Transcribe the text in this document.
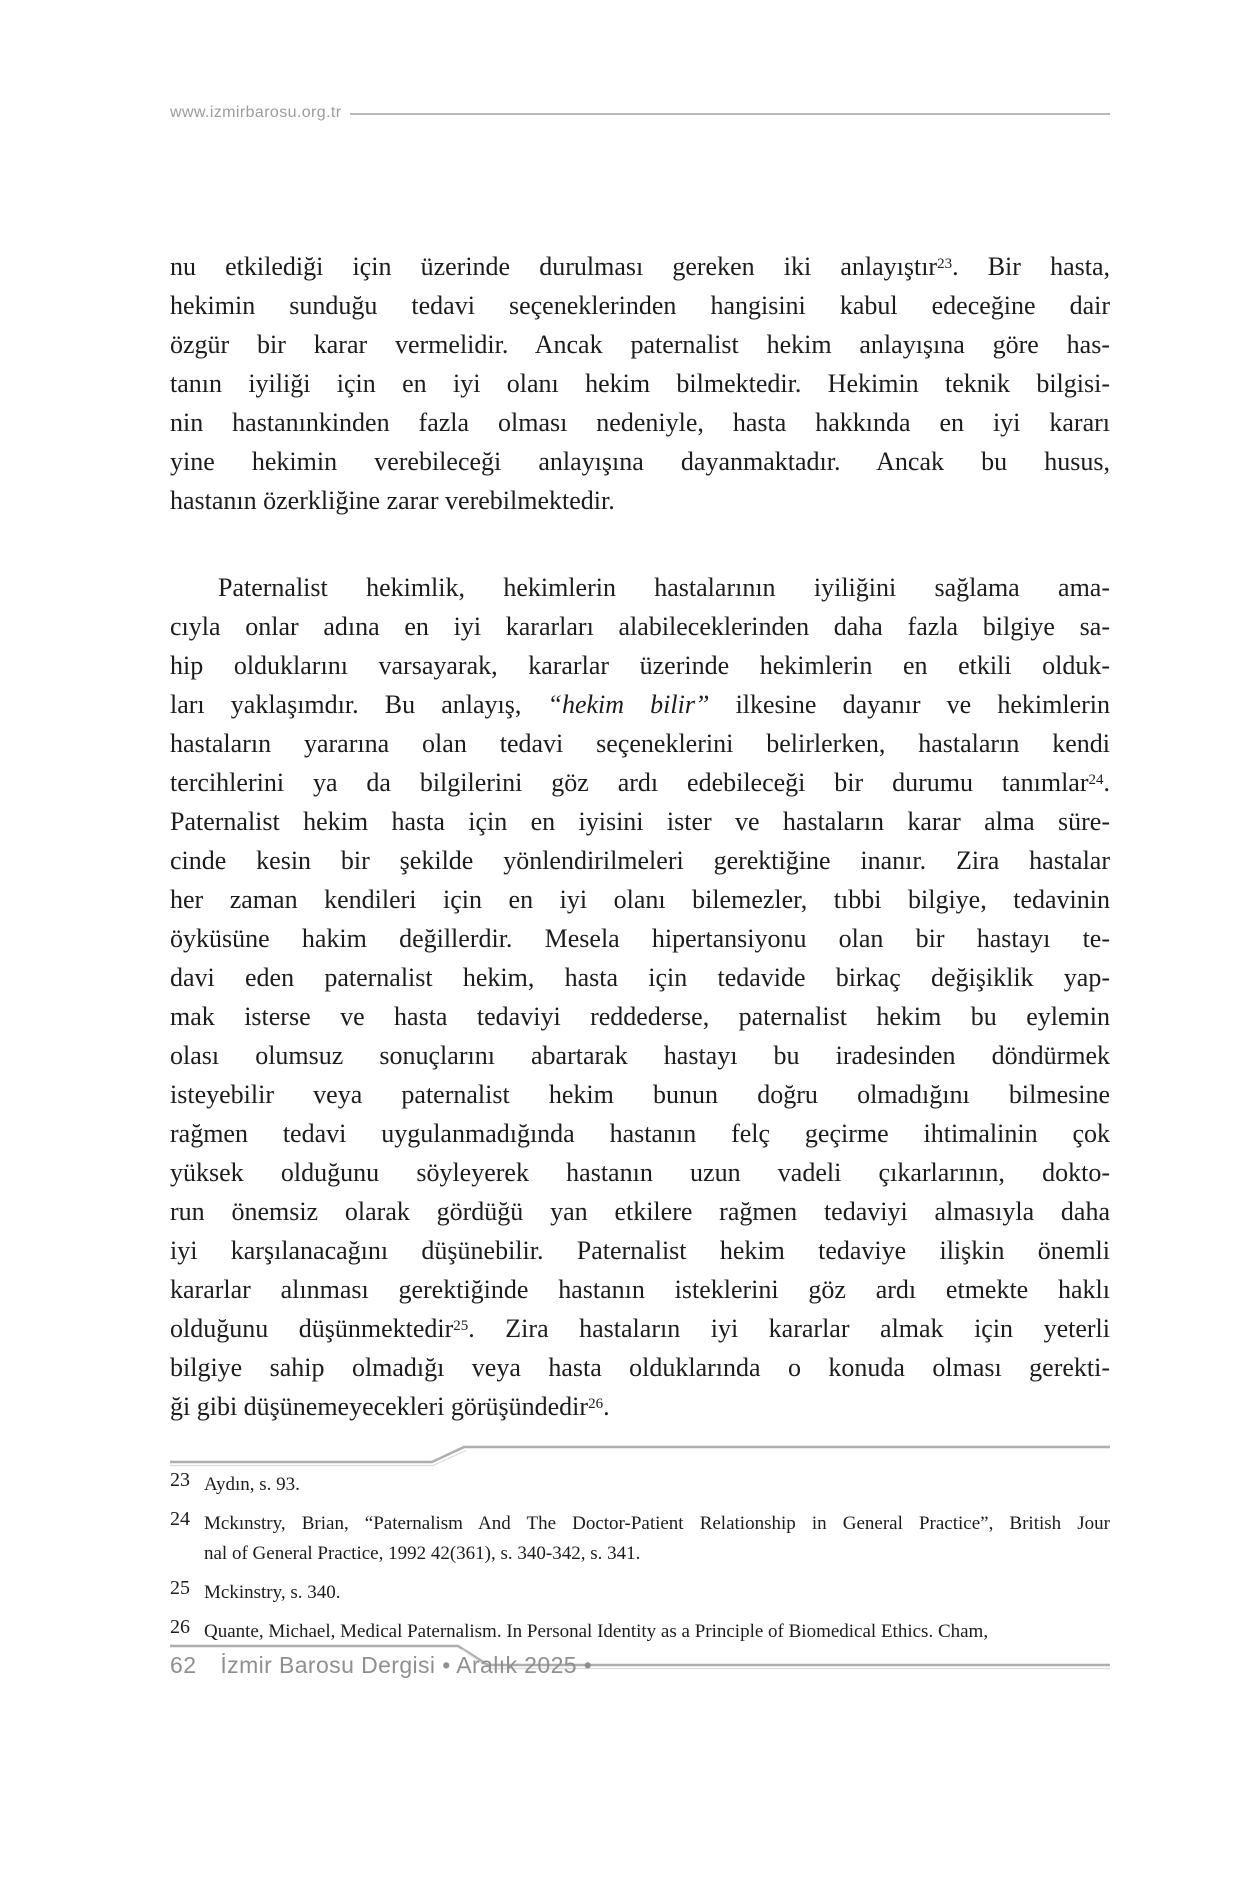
www.izmirbarosu.org.tr
nu etkilediği için üzerinde durulması gereken iki anlayıştır$^{23}$. Bir hasta,
hekimin sunduğu tedavi seçeneklerinden hangisini kabul edeceğine dair
özgür bir karar vermelidir. Ancak paternalist hekim anlayışına göre has-
tanın iyiliği için en iyi olanı hekim bilmektedir. Hekimin teknik bilgisi-
nin hastanınkinden fazla olması nedeniyle, hasta hakkında en iyi kararı
yine hekimin verebileceği anlayışına dayanmaktadır. Ancak bu husus,
hastanın özerkliğine zarar verebilmektedir.
Paternalist hekimlik, hekimlerin hastalarının iyiliğini sağlama ama-
cıyla onlar adına en iyi kararları alabileceklerinden daha fazla bilgiye sa-
hip olduklarını varsayarak, kararlar üzerinde hekimlerin en etkili olduk-
ları yaklaşımdır. Bu anlayış, “hekim bilir” ilkesine dayanır ve hekimlerin
hastaların yararına olan tedavi seçeneklerini belirlerken, hastaların kendi
tercihlerini ya da bilgilerini göz ardı edebileceği bir durumu tanımlar$^{24}$.
Paternalist hekim hasta için en iyisini ister ve hastaların karar alma süre-
cinde kesin bir şekilde yönlendirilmeleri gerektiğine inanır. Zira hastalar
her zaman kendileri için en iyi olanı bilemezler, tıbbi bilgiye, tedavinin
öyküsüne hakim değillerdir. Mesela hipertansiyonu olan bir hastayı te-
davi eden paternalist hekim, hasta için tedavide birkaç değişiklik yap-
mak isterse ve hasta tedaviyi reddederse, paternalist hekim bu eylemin
olası olumsuz sonuçlarını abartarak hastayı bu iradesinden döndürmek
isteyebilir veya paternalist hekim bunun doğru olmadığını bilmesine
rağmen tedavi uygulanmadığında hastanın felç geçirme ihtimalinin çok
yüksek olduğunu söyleyerek hastanın uzun vadeli çıkarlarının, dokto-
run önemsiz olarak gördüğü yan etkilere rağmen tedaviyi almasıyla daha
iyi karşılanacağını düşünebilir. Paternalist hekim tedaviye ilişkin önemli
kararlar alınması gerektiğinde hastanın isteklerini göz ardı etmekte haklı
olduğunu düşünmektedir$^{25}$. Zira hastaların iyi kararlar almak için yeterli
bilgiye sahip olmadığı veya hasta olduklarında o konuda olması gerekti-
ği gibi düşünemeyecekleri görüşündedir$^{26}$.
23 Aydın, s. 93.
24 Mckınstry, Brian, “Paternalism And The Doctor-Patient Relationship in General Practice”, British Jour
nal of General Practice, 1992 42(361), s. 340-342, s. 341.
25 Mckinstry, s. 340.
26 Quante, Michael, Medical Paternalism. In Personal Identity as a Principle of Biomedical Ethics. Cham,
62 İzmir Barosu Dergisi • Aralık 2025 •
